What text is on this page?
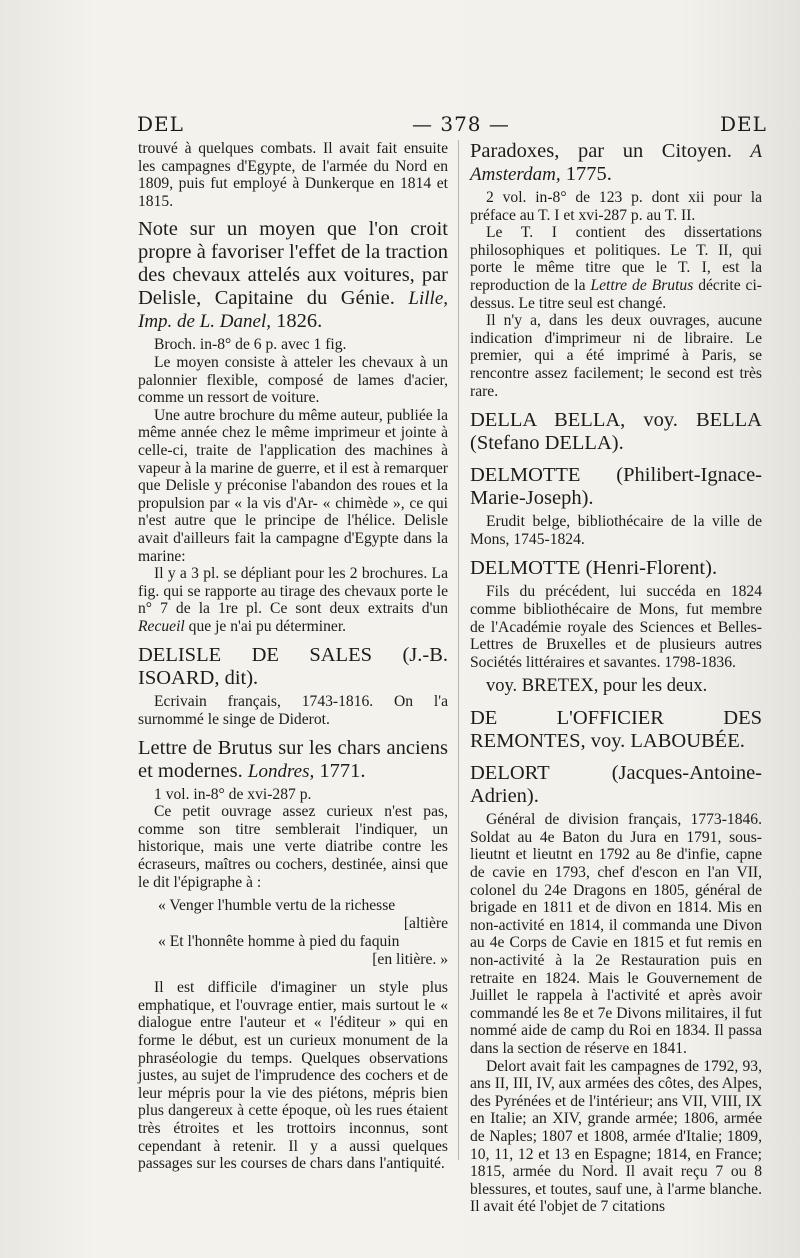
DEL	— 378 —	DEL

trouvé à quelques combats. Il avait fait ensuite les campagnes d'Egypte, de l'armée du Nord en 1809, puis fut employé à Dunkerque en 1814 et 1815.

Note sur un moyen que l'on croit propre à favoriser l'effet de la traction des chevaux attelés aux voitures, par Delisle, Capitaine du Génie. Lille, Imp. de L. Danel, 1826.

Broch. in-8° de 6 p. avec 1 fig.

Le moyen consiste à atteler les chevaux à un palonnier flexible, composé de lames d'acier, comme un ressort de voiture.

Une autre brochure du même auteur, publiée la même année chez le même imprimeur et jointe à celle-ci, traite de l'application des machines à vapeur à la marine de guerre, et il est à remarquer que Delisle y préconise l'abandon des roues et la propulsion par « la vis d'Ar- « chimède », ce qui n'est autre que le principe de l'hélice. Delisle avait d'ailleurs fait la campagne d'Egypte dans la marine:

Il y a 3 pl. se dépliant pour les 2 brochures. La fig. qui se rapporte au tirage des chevaux porte le n° 7 de la 1re pl. Ce sont deux extraits d'un Recueil que je n'ai pu déterminer.

DELISLE DE SALES (J.-B. ISOARD, dit).

Ecrivain français, 1743-1816. On l'a surnommé le singe de Diderot.

Lettre de Brutus sur les chars anciens et modernes. Londres, 1771.

1 vol. in-8° de xvi-287 p.

Ce petit ouvrage assez curieux n'est pas, comme son titre semblerait l'indiquer, un historique, mais une verte diatribe contre les écraseurs, maîtres ou cochers, destinée, ainsi que le dit l'épigraphe à :

« Venger l'humble vertu de la richesse

[altière

« Et l'honnête homme à pied du faquin

[en litière. »

Il est difficile d'imaginer un style plus emphatique, et l'ouvrage entier, mais surtout le « dialogue entre l'auteur et « l'éditeur » qui en forme le début, est un curieux monument de la phraséologie du temps. Quelques observations justes, au sujet de l'imprudence des cochers et de leur mépris pour la vie des piétons, mépris bien plus dangereux à cette époque, où les rues étaient très étroites et les trottoirs inconnus, sont cependant à retenir. Il y a aussi quelques passages sur les courses de chars dans l'antiquité.

Paradoxes, par un Citoyen. A Amsterdam, 1775.

2 vol. in-8° de 123 p. dont xii pour la préface au T. I et xvi-287 p. au T. II.

Le T. I contient des dissertations philosophiques et politiques. Le T. II, qui porte le même titre que le T. I, est la reproduction de la Lettre de Brutus décrite ci-dessus. Le titre seul est changé.

Il n'y a, dans les deux ouvrages, aucune indication d'imprimeur ni de libraire. Le premier, qui a été imprimé à Paris, se rencontre assez facilement; le second est très rare.

DELLA BELLA, voy. BELLA (Stefano DELLA).

DELMOTTE (Philibert-Ignace-Marie-Joseph).

Erudit belge, bibliothécaire de la ville de Mons, 1745-1824.

DELMOTTE (Henri-Florent).

Fils du précédent, lui succéda en 1824 comme bibliothécaire de Mons, fut membre de l'Académie royale des Sciences et Belles-Lettres de Bruxelles et de plusieurs autres Sociétés littéraires et savantes. 1798-1836.

voy. BRETEX, pour les deux.

DE L'OFFICIER DES REMONTES, voy. LABOUBÉE.

DELORT (Jacques-Antoine-Adrien).

Général de division français, 1773-1846. Soldat au 4e Baton du Jura en 1791, sous-lieutnt et lieutnt en 1792 au 8e d'infie, capne de cavie en 1793, chef d'escon en l'an VII, colonel du 24e Dragons en 1805, général de brigade en 1811 et de divon en 1814. Mis en non-activité en 1814, il commanda une Divon au 4e Corps de Cavie en 1815 et fut remis en non-activité à la 2e Restauration puis en retraite en 1824. Mais le Gouvernement de Juillet le rappela à l'activité et après avoir commandé les 8e et 7e Divons militaires, il fut nommé aide de camp du Roi en 1834. Il passa dans la section de réserve en 1841.

Delort avait fait les campagnes de 1792, 93, ans II, III, IV, aux armées des côtes, des Alpes, des Pyrénées et de l'intérieur; ans VII, VIII, IX en Italie; an XIV, grande armée; 1806, armée de Naples; 1807 et 1808, armée d'Italie; 1809, 10, 11, 12 et 13 en Espagne; 1814, en France; 1815, armée du Nord. Il avait reçu 7 ou 8 blessures, et toutes, sauf une, à l'arme blanche. Il avait été l'objet de 7 citations
